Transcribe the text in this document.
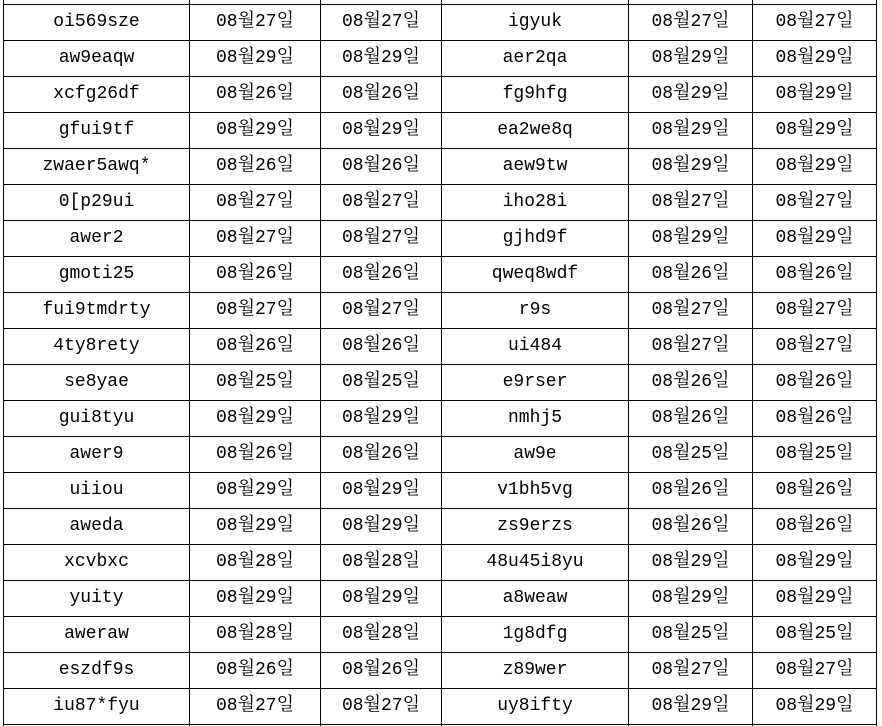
oi569sze	08월27일	08월27일	igyuk	08월27일	08월27일
aw9eaqw	08월29일	08월29일	aer2qa	08월29일	08월29일
xcfg26df	08월26일	08월26일	fg9hfg	08월29일	08월29일
gfui9tf	08월29일	08월29일	ea2we8q	08월29일	08월29일
zwaer5awq*	08월26일	08월26일	aew9tw	08월29일	08월29일
0[p29ui	08월27일	08월27일	iho28i	08월27일	08월27일
awer2	08월27일	08월27일	gjhd9f	08월29일	08월29일
gmoti25	08월26일	08월26일	qweq8wdf	08월26일	08월26일
fui9tmdrty	08월27일	08월27일	r9s	08월27일	08월27일
4ty8rety	08월26일	08월26일	ui484	08월27일	08월27일
se8yae	08월25일	08월25일	e9rser	08월26일	08월26일
gui8tyu	08월29일	08월29일	nmhj5	08월26일	08월26일
awer9	08월26일	08월26일	aw9e	08월25일	08월25일
uiiou	08월29일	08월29일	v1bh5vg	08월26일	08월26일
aweda	08월29일	08월29일	zs9erzs	08월26일	08월26일
xcvbxc	08월28일	08월28일	48u45i8yu	08월29일	08월29일
yuity	08월29일	08월29일	a8weaw	08월29일	08월29일
aweraw	08월28일	08월28일	1g8dfg	08월25일	08월25일
eszdf9s	08월26일	08월26일	z89wer	08월27일	08월27일
iu87*fyu	08월27일	08월27일	uy8ifty	08월29일	08월29일
